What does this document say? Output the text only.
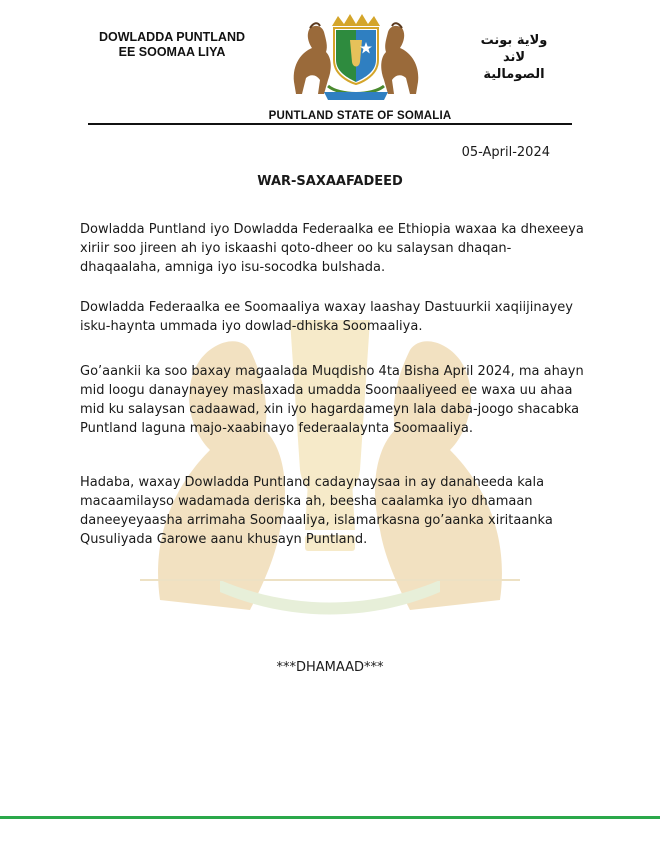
DOWLADDA PUNTLAND
EE SOOMAA LIYA
ولاية بونت لاند
الصومالية
PUNTLAND STATE OF SOMALIA
05-April-2024
WAR-SAXAAFADEED
Dowladda Puntland iyo Dowladda Federaalka ee Ethiopia waxaa ka dhexeeya xiriir soo jireen ah iyo iskaashi qoto-dheer oo ku salaysan dhaqan-dhaqaalaha, amniga iyo isu-socodka bulshada.
Dowladda Federaalka ee Soomaaliya waxay laashay Dastuurkii xaqiijinayey isku-haynta ummada iyo dowlad-dhiska Soomaaliya.
Go’aankii ka soo baxay magaalada Muqdisho 4ta Bisha April 2024, ma ahayn mid loogu danaynayey maslaxada umadda Soomaaliyeed ee waxa uu ahaa mid ku salaysan cadaawad, xin iyo hagardaameyn lala daba-joogo shacabka Puntland laguna majo-xaabinayo federaalaynta Soomaaliya.
Hadaba, waxay Dowladda Puntland cadaynaysaa in ay danaheeda kala macaamilayso wadamada deriska ah, beesha caalamka iyo dhamaan daneeyeyaasha arrimaha Soomaaliya, islamarkasna go’aanka xiritaanka Qusuliyada Garowe aanu khusayn Puntland.
***DHAMAAD***
